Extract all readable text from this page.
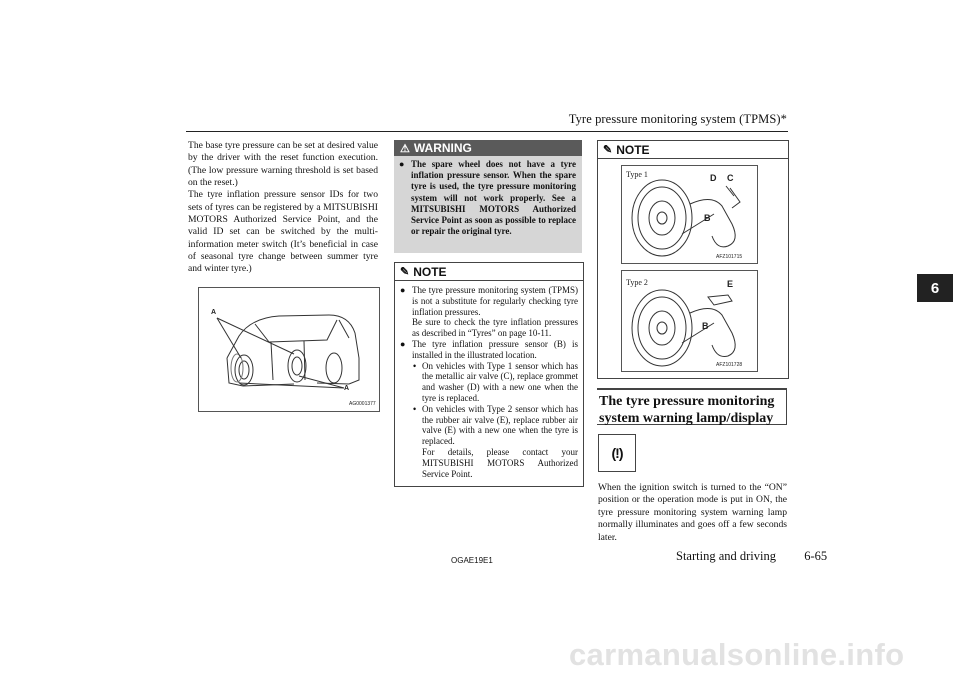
Tyre pressure monitoring system (TPMS)*
6

The base tyre pressure can be set at desired value by the driver with the reset function execution. (The low pressure warning threshold is set based on the reset.)

The tyre inflation pressure sensor IDs for two sets of tyres can be registered by a MITSUBISHI MOTORS Authorized Service Point, and the valid ID set can be switched by the multi-information meter switch (It’s beneficial in case of seasonal tyre change between summer tyre and winter tyre.)

A
A
AG0001377
⚠ WARNING
● The spare wheel does not have a tyre inflation pressure sensor. When the spare tyre is used, the tyre pressure monitoring system will not work properly. See a MITSUBISHI MOTORS Authorized Service Point as soon as possible to replace or repair the original tyre.
✎ NOTE
● The tyre pressure monitoring system (TPMS) is not a substitute for regularly checking tyre inflation pressures.
Be sure to check the tyre inflation pressures as described in “Tyres” on page 10-11.
● The tyre inflation pressure sensor (B) is installed in the illustrated location.
• On vehicles with Type 1 sensor which has the metallic air valve (C), replace grommet and washer (D) with a new one when the tyre is replaced.
• On vehicles with Type 2 sensor which has the rubber air valve (E), replace rubber air valve (E) with a new one when the tyre is replaced.
For details, please contact your MITSUBISHI MOTORS Authorized Service Point.
✎ NOTE
Type 1	D C
B
AFZ101715
Type 2	E
B
AFZ101728
The tyre pressure monitoring system warning lamp/display
(!)

When the ignition switch is turned to the “ON” position or the operation mode is put in ON, the tyre pressure monitoring system warning lamp normally illuminates and goes off a few seconds later.

OGAE19E1	Starting and driving 6-65
carmanualsonline.info
